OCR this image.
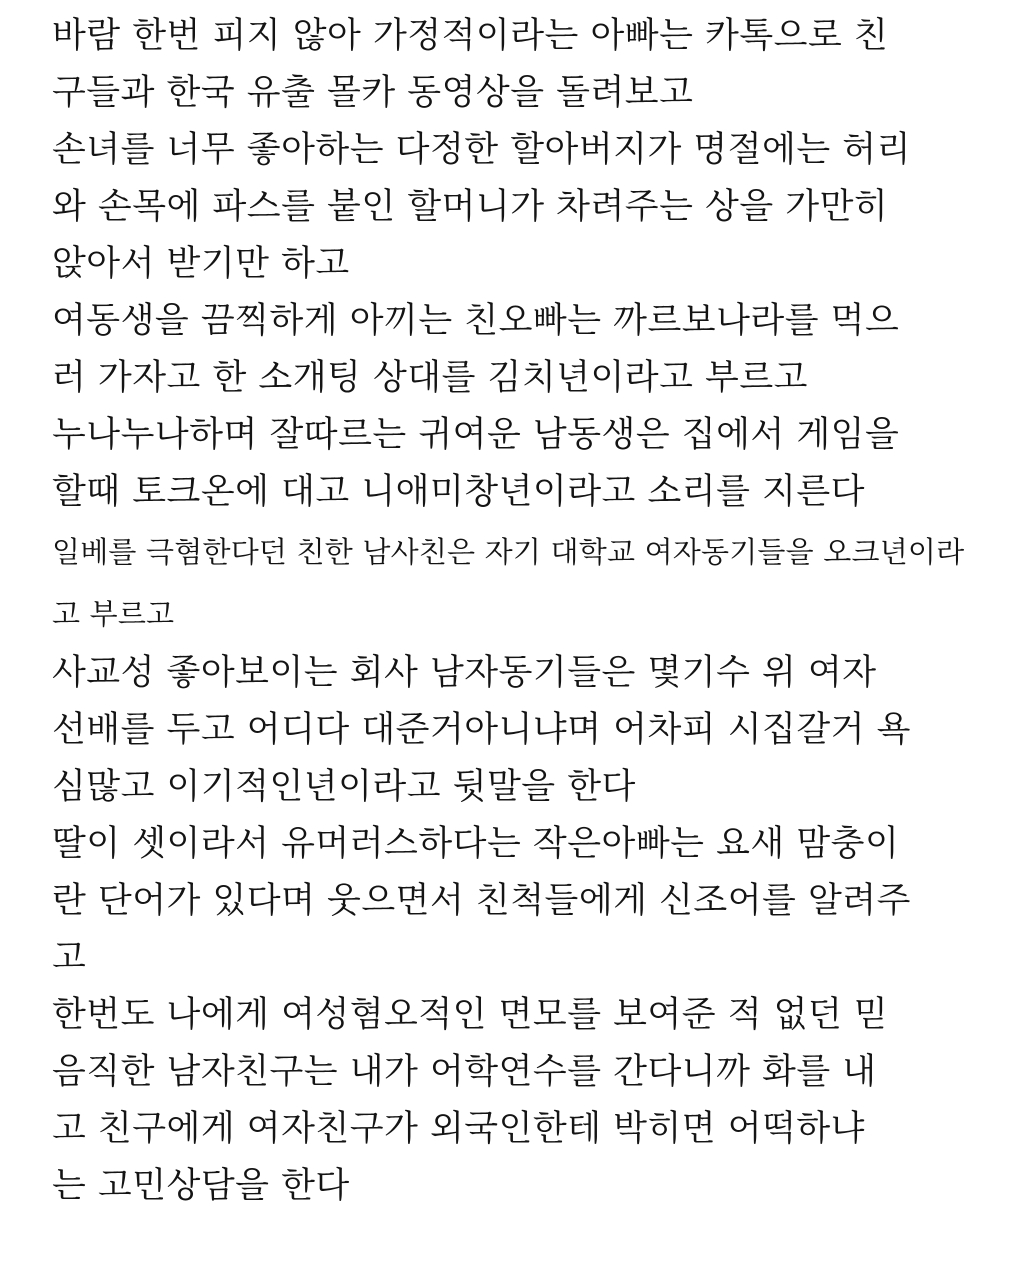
바람 한번 피지 않아 가정적이라는 아빠는 카톡으로 친
구들과 한국 유출 몰카 동영상을 돌려보고
손녀를 너무 좋아하는 다정한 할아버지가 명절에는 허리
와 손목에 파스를 붙인 할머니가 차려주는 상을 가만히
앉아서 받기만 하고
여동생을 끔찍하게 아끼는 친오빠는 까르보나라를 먹으
러 가자고 한 소개팅 상대를 김치년이라고 부르고
누나누나하며 잘따르는 귀여운 남동생은 집에서 게임을
할때 토크온에 대고 니애미창년이라고 소리를 지른다
일베를 극혐한다던 친한 남사친은 자기 대학교 여자동기들을 오크년이라
고 부르고
사교성 좋아보이는 회사 남자동기들은 몇기수 위 여자
선배를 두고 어디다 대준거아니냐며 어차피 시집갈거 욕
심많고 이기적인년이라고 뒷말을 한다
딸이 셋이라서 유머러스하다는 작은아빠는 요새 맘충이
란 단어가 있다며 웃으면서 친척들에게 신조어를 알려주
고
한번도 나에게 여성혐오적인 면모를 보여준 적 없던 믿
음직한 남자친구는 내가 어학연수를 간다니까 화를 내
고 친구에게 여자친구가 외국인한테 박히면 어떡하냐
는 고민상담을 한다
